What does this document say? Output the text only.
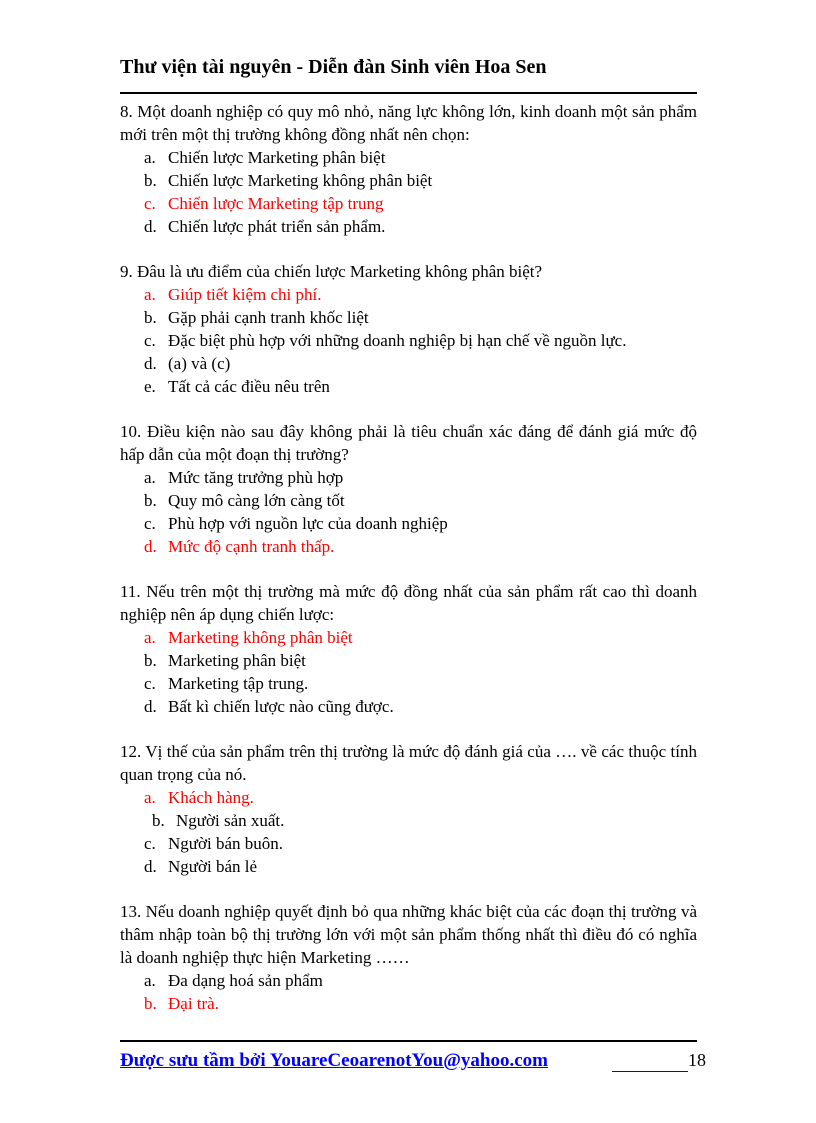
Thư viện tài nguyên - Diễn đàn Sinh viên Hoa Sen

8. Một doanh nghiệp có quy mô nhỏ, năng lực không lớn, kinh doanh một sản phẩm mới trên một thị trường không đồng nhất nên chọn:

a. Chiến lược Marketing phân biệt
b. Chiến lược Marketing không phân biệt
c. Chiến lược Marketing tập trung
d. Chiến lược phát triển sản phẩm.

9. Đâu là ưu điểm của chiến lược Marketing không phân biệt?

a. Giúp tiết kiệm chi phí.
b. Gặp phải cạnh tranh khốc liệt
c. Đặc biệt phù hợp với những doanh nghiệp bị hạn chế về nguồn lực.
d. (a) và (c)
e. Tất cả các điều nêu trên

10. Điều kiện nào sau đây không phải là tiêu chuẩn xác đáng để đánh giá mức độ hấp dẫn của một đoạn thị trường?

a. Mức tăng trưởng phù hợp
b. Quy mô càng lớn càng tốt
c. Phù hợp với nguồn lực của doanh nghiệp
d. Mức độ cạnh tranh thấp.

11. Nếu trên một thị trường mà mức độ đồng nhất của sản phẩm rất cao thì doanh nghiệp nên áp dụng chiến lược:

a. Marketing không phân biệt
b. Marketing phân biệt
c. Marketing tập trung.
d. Bất kì chiến lược nào cũng được.

12. Vị thế của sản phẩm trên thị trường là mức độ đánh giá của …. về các thuộc tính quan trọng của nó.

a. Khách hàng.
b. Người sản xuất.
c. Người bán buôn.
d. Người bán lẻ

13. Nếu doanh nghiệp quyết định bỏ qua những khác biệt của các đoạn thị trường và thâm nhập toàn bộ thị trường lớn với một sản phẩm thống nhất thì điều đó có nghĩa là doanh nghiệp thực hiện Marketing ……

a. Đa dạng hoá sản phẩm
b. Đại trà.
Được sưu tầm bởi YouareCeoarenotYou@yahoo.com	18
